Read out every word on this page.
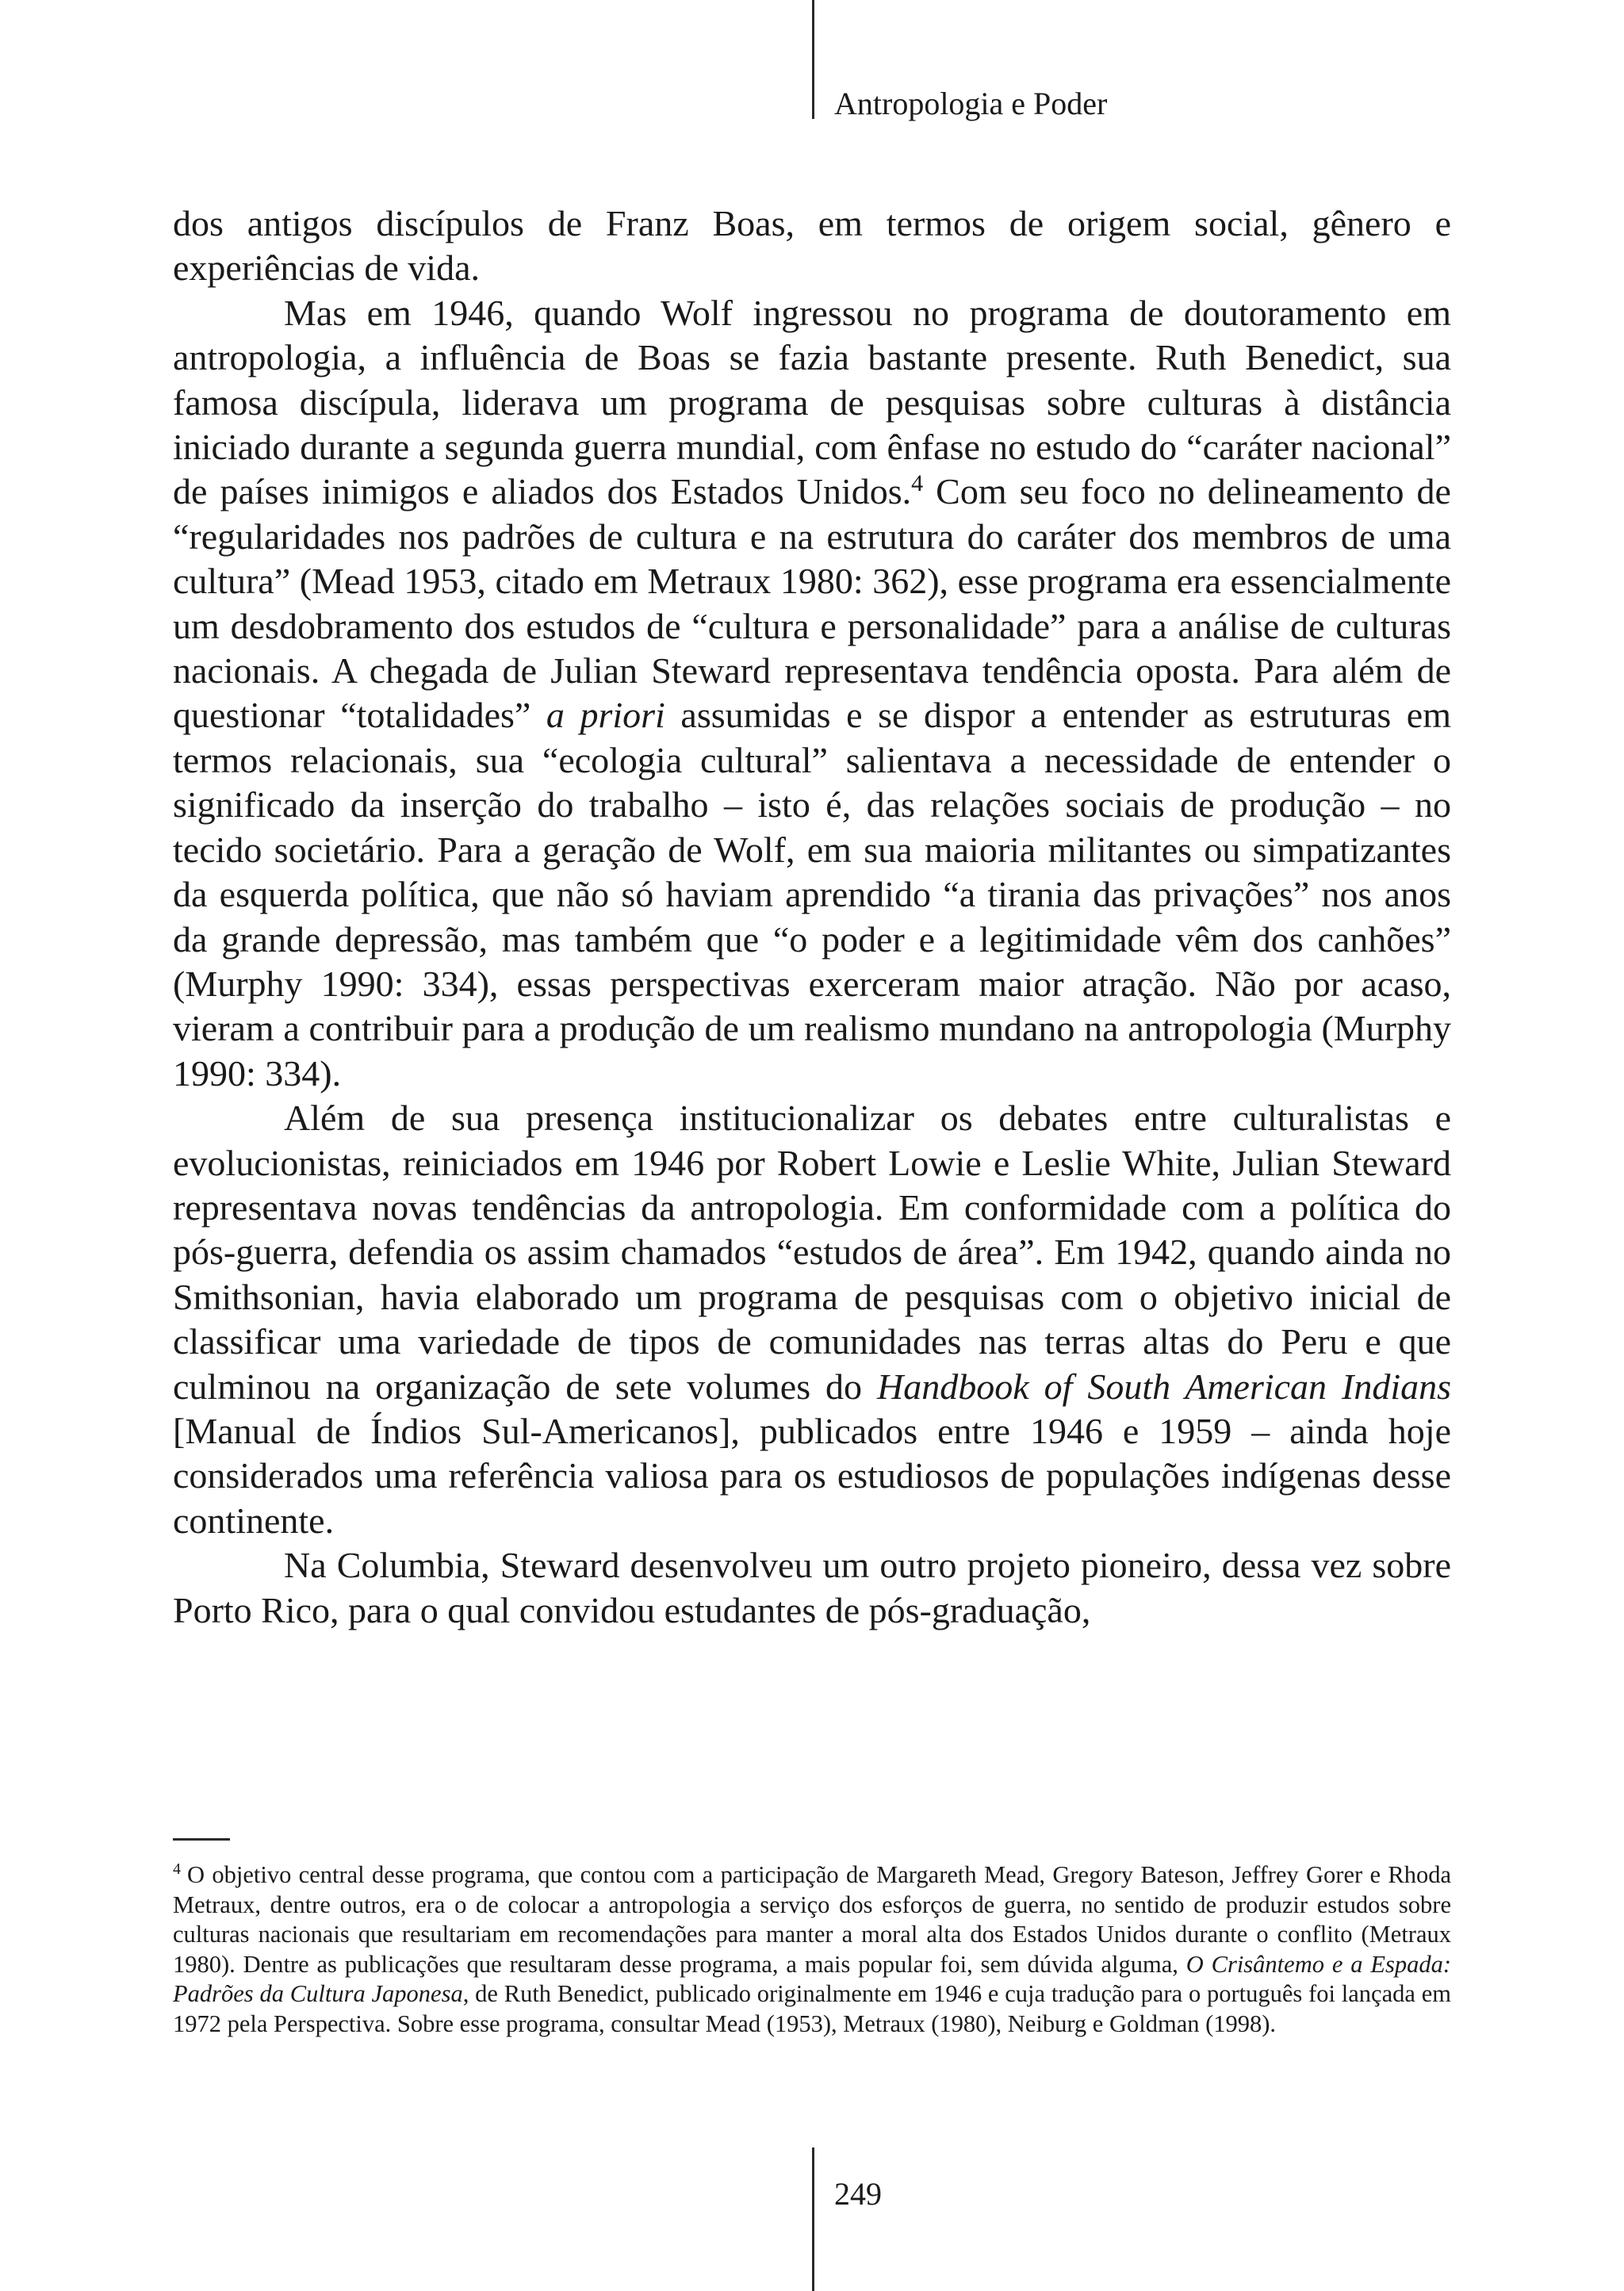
Antropologia e Poder

dos antigos discípulos de Franz Boas, em termos de origem social, gênero e experiências de vida.

Mas em 1946, quando Wolf ingressou no programa de doutoramento em antropologia, a influência de Boas se fazia bastante presente. Ruth Benedict, sua famosa discípula, liderava um programa de pesquisas sobre culturas à distância iniciado durante a segunda guerra mundial, com ênfase no estudo do “caráter nacional” de países inimigos e aliados dos Estados Unidos.$^4$ Com seu foco no delineamento de “regularidades nos padrões de cultura e na estrutura do caráter dos membros de uma cultura” (Mead 1953, citado em Metraux 1980: 362), esse programa era essencialmente um desdobramento dos estudos de “cultura e personalidade” para a análise de culturas nacionais. A chegada de Julian Steward representava tendência oposta. Para além de questionar “totalidades” a priori assumidas e se dispor a entender as estruturas em termos relacionais, sua “ecologia cultural” salientava a necessidade de entender o significado da inserção do trabalho – isto é, das relações sociais de produção – no tecido societário. Para a geração de Wolf, em sua maioria militantes ou simpatizantes da esquerda política, que não só haviam aprendido “a tirania das privações” nos anos da grande depressão, mas também que “o poder e a legitimidade vêm dos canhões” (Murphy 1990: 334), essas perspectivas exerceram maior atração. Não por acaso, vieram a contribuir para a produção de um realismo mundano na antropologia (Murphy 1990: 334).

Além de sua presença institucionalizar os debates entre culturalistas e evolucionistas, reiniciados em 1946 por Robert Lowie e Leslie White, Julian Steward representava novas tendências da antropologia. Em conformidade com a política do pós-guerra, defendia os assim chamados “estudos de área”. Em 1942, quando ainda no Smithsonian, havia elaborado um programa de pesquisas com o objetivo inicial de classificar uma variedade de tipos de comunidades nas terras altas do Peru e que culminou na organização de sete volumes do Handbook of South American Indians [Manual de Índios Sul-Americanos], publicados entre 1946 e 1959 – ainda hoje considerados uma referência valiosa para os estudiosos de populações indígenas desse continente.

Na Columbia, Steward desenvolveu um outro projeto pioneiro, dessa vez sobre Porto Rico, para o qual convidou estudantes de pós-graduação,

$^4$ O objetivo central desse programa, que contou com a participação de Margareth Mead, Gregory Bateson, Jeffrey Gorer e Rhoda Metraux, dentre outros, era o de colocar a antropologia a serviço dos esforços de guerra, no sentido de produzir estudos sobre culturas nacionais que resultariam em recomendações para manter a moral alta dos Estados Unidos durante o conflito (Metraux 1980). Dentre as publicações que resultaram desse programa, a mais popular foi, sem dúvida alguma, O Crisântemo e a Espada: Padrões da Cultura Japonesa, de Ruth Benedict, publicado originalmente em 1946 e cuja tradução para o português foi lançada em 1972 pela Perspectiva. Sobre esse programa, consultar Mead (1953), Metraux (1980), Neiburg e Goldman (1998).

249
